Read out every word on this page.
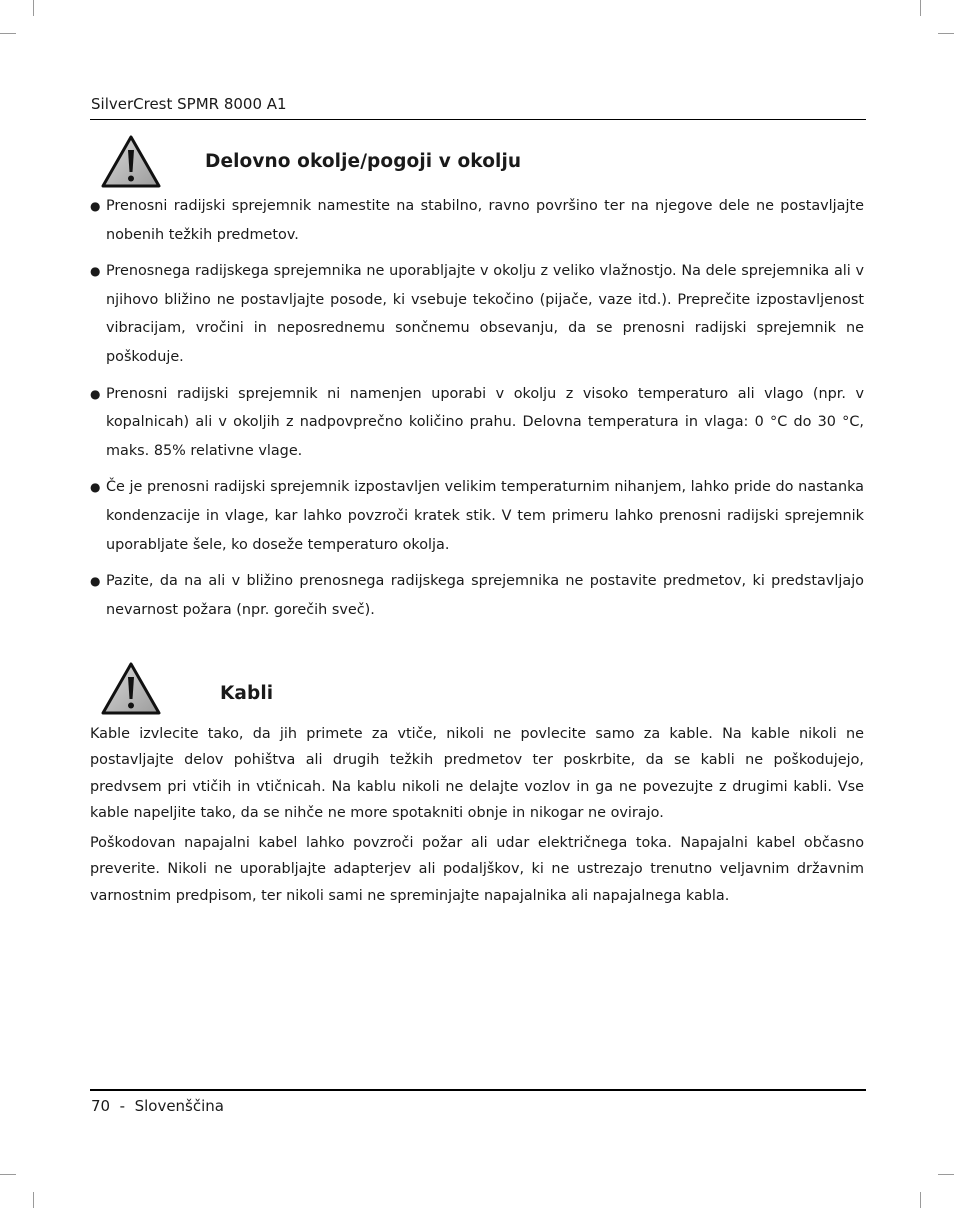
SilverCrest SPMR 8000 A1
Delovno okolje/pogoji v okolju
● Prenosni radijski sprejemnik namestite na stabilno, ravno površino ter na njegove dele ne postavljajte nobenih težkih predmetov.
● Prenosnega radijskega sprejemnika ne uporabljajte v okolju z veliko vlažnostjo. Na dele sprejemnika ali v njihovo bližino ne postavljajte posode, ki vsebuje tekočino (pijače, vaze itd.). Preprečite izpostavljenost vibracijam, vročini in neposrednemu sončnemu obsevanju, da se prenosni radijski sprejemnik ne poškoduje.
● Prenosni radijski sprejemnik ni namenjen uporabi v okolju z visoko temperaturo ali vlago (npr. v kopalnicah) ali v okoljih z nadpovprečno količino prahu. Delovna temperatura in vlaga: 0 °C do 30 °C, maks. 85% relativne vlage.
● Če je prenosni radijski sprejemnik izpostavljen velikim temperaturnim nihanjem, lahko pride do nastanka kondenzacije in vlage, kar lahko povzroči kratek stik. V tem primeru lahko prenosni radijski sprejemnik uporabljate šele, ko doseže temperaturo okolja.
● Pazite, da na ali v bližino prenosnega radijskega sprejemnika ne postavite predmetov, ki predstavljajo nevarnost požara (npr. gorečih sveč).
Kabli
Kable izvlecite tako, da jih primete za vtiče, nikoli ne povlecite samo za kable. Na kable nikoli ne postavljajte delov pohištva ali drugih težkih predmetov ter poskrbite, da se kabli ne poškodujejo, predvsem pri vtičih in vtičnicah. Na kablu nikoli ne delajte vozlov in ga ne povezujte z drugimi kabli. Vse kable napeljite tako, da se nihče ne more spotakniti obnje in nikogar ne ovirajo.
Poškodovan napajalni kabel lahko povzroči požar ali udar električnega toka. Napajalni kabel občasno preverite. Nikoli ne uporabljajte adapterjev ali podaljškov, ki ne ustrezajo trenutno veljavnim državnim varnostnim predpisom, ter nikoli sami ne spreminjajte napajalnika ali napajalnega kabla.
70  -  Slovenščina
